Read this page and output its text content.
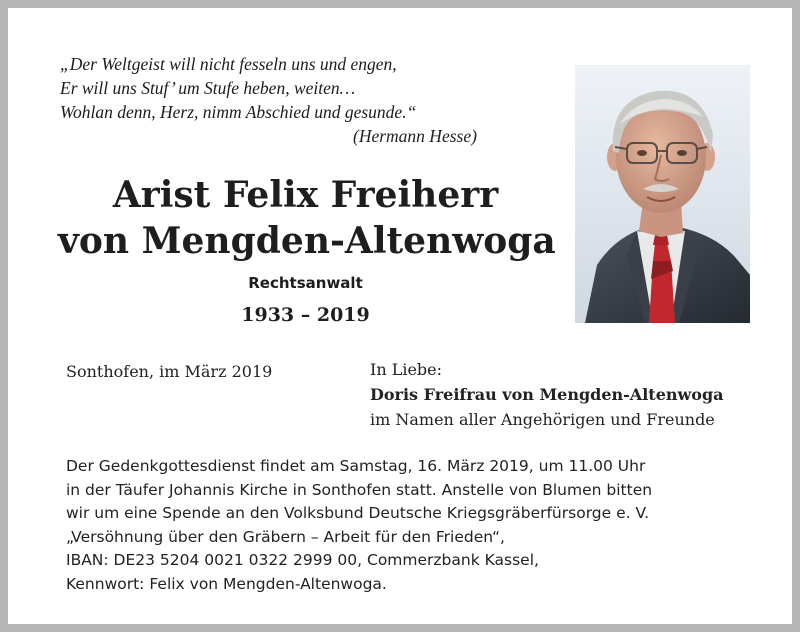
„Der Weltgeist will nicht fesseln uns und engen,
Er will uns Stuf’ um Stufe heben, weiten…
Wohlan denn, Herz, nimm Abschied und gesunde.“
(Hermann Hesse)
Arist Felix Freiherr
von Mengden-Altenwoga
Rechtsanwalt
1933 – 2019
Sonthofen, im März 2019	In Liebe:
Doris Freifrau von Mengden-Altenwoga
im Namen aller Angehörigen und Freunde
Der Gedenkgottesdienst findet am Samstag, 16. März 2019, um 11.00 Uhr
in der Täufer Johannis Kirche in Sonthofen statt. Anstelle von Blumen bitten
wir um eine Spende an den Volksbund Deutsche Kriegsgräberfürsorge e. V.
„Versöhnung über den Gräbern – Arbeit für den Frieden“,
IBAN: DE23 5204 0021 0322 2999 00, Commerzbank Kassel,
Kennwort: Felix von Mengden-Altenwoga.
